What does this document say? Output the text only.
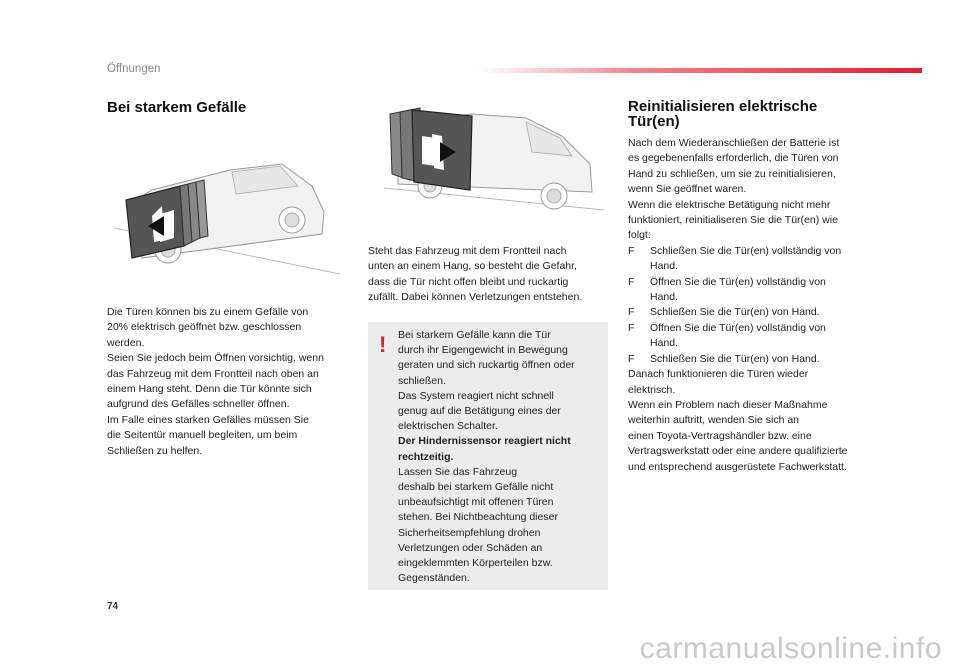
Öffnungen
Bei starkem Gefälle
Die Türen können bis zu einem Gefälle von
20% elektrisch geöffnet bzw. geschlossen
werden.
Seien Sie jedoch beim Öffnen vorsichtig, wenn
das Fahrzeug mit dem Frontteil nach oben an
einem Hang steht. Denn die Tür könnte sich
aufgrund des Gefälles schneller öffnen.
Im Falle eines starken Gefälles müssen Sie
die Seitentür manuell begleiten, um beim
Schließen zu helfen.
Steht das Fahrzeug mit dem Frontteil nach
unten an einem Hang, so besteht die Gefahr,
dass die Tür nicht offen bleibt und ruckartig
zufällt. Dabei können Verletzungen entstehen.
! Bei starkem Gefälle kann die Tür
durch ihr Eigengewicht in Bewegung
geraten und sich ruckartig öffnen oder
schließen.
Das System reagiert nicht schnell
genug auf die Betätigung eines der
elektrischen Schalter.
Der Hindernissensor reagiert nicht
rechtzeitig.
Lassen Sie das Fahrzeug
deshalb bei starkem Gefälle nicht
unbeaufsichtigt mit offenen Türen
stehen. Bei Nichtbeachtung dieser
Sicherheitsempfehlung drohen
Verletzungen oder Schäden an
eingeklemmten Körperteilen bzw.
Gegenständen.
Reinitialisieren elektrische
Tür(en)
Nach dem Wiederanschließen der Batterie ist
es gegebenenfalls erforderlich, die Türen von
Hand zu schließen, um sie zu reinitialisieren,
wenn Sie geöffnet waren.
Wenn die elektrische Betätigung nicht mehr
funktioniert, reinitialiseren Sie die Tür(en) wie
folgt:
F	Schließen Sie die Tür(en) vollständig von
Hand.
F	Öffnen Sie die Tür(en) vollständig von
Hand.
F	Schließen Sie die Tür(en) von Hand.
F	Öffnen Sie die Tür(en) vollständig von
Hand.
F	Schließen Sie die Tür(en) von Hand.
Danach funktionieren die Türen wieder
elektrisch.
Wenn ein Problem nach dieser Maßnahme
weiterhin auftritt, wenden Sie sich an
einen Toyota-Vertragshändler bzw. eine
Vertragswerkstatt oder eine andere qualifizierte
und entsprechend ausgerüstete Fachwerkstatt.
74
carmanualsonline.info
